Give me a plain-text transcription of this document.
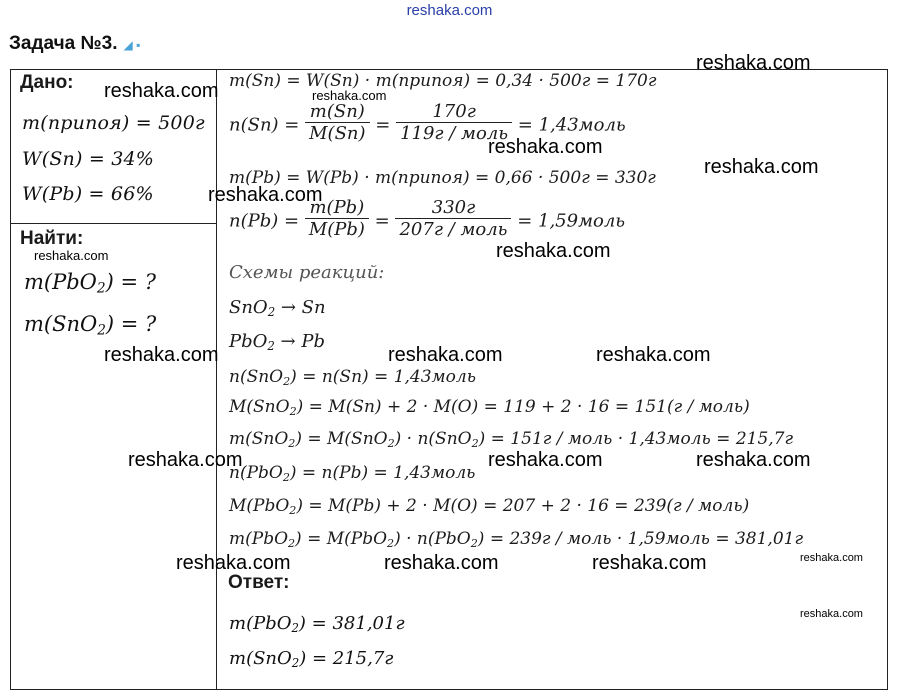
reshaka.com
Задача №3. ◢ ▪
Дано:
m(припоя) = 500г
W(Sn) = 34%
W(Pb) = 66%
Найти:
m(PbO$_2$) = ?
m(SnO$_2$) = ?
m(Sn) = W(Sn) · m(припоя) = 0,34 · 500г = 170г
$n(Sn) = \frac{m(Sn)}{M(Sn)} = \frac{170г}{\text{119г / моль}}$ = 1,43моль
m(Pb) = W(Pb) · m(припоя) = 0,66 · 500г = 330г
$n(Pb) = \frac{m(Pb)}{M(Pb)} = \frac{330г}{\text{207г / моль}}$ = 1,59моль
Схемы реакций:
SnO$_2$ → Sn
PbO$_2$ → Pb
n(SnO$_2$) = n(Sn) = 1,43моль
M(SnO$_2$) = M(Sn) + 2 · M(O) = 119 + 2 · 16 = 151(г / моль)
m(SnO$_2$) = M(SnO$_2$) · n(SnO$_2$) = 151г / моль · 1,43моль = 215,7г
n(PbO$_2$) = n(Pb) = 1,43моль
M(PbO$_2$) = M(Pb) + 2 · M(O) = 207 + 2 · 16 = 239(г / моль)
m(PbO$_2$) = M(PbO$_2$) · n(PbO$_2$) = 239г / моль · 1,59моль = 381,01г
Ответ:
m(PbO$_2$) = 381,01г
m(SnO$_2$) = 215,7г
reshaka.com
reshaka.com	reshaka.com
reshaka.com
reshaka.com
reshaka.com
reshaka.com
reshaka.com
reshaka.com	reshaka.com	reshaka.com
reshaka.com	reshaka.com	reshaka.com
reshaka.com	reshaka.com	reshaka.com	reshaka.com
reshaka.com
